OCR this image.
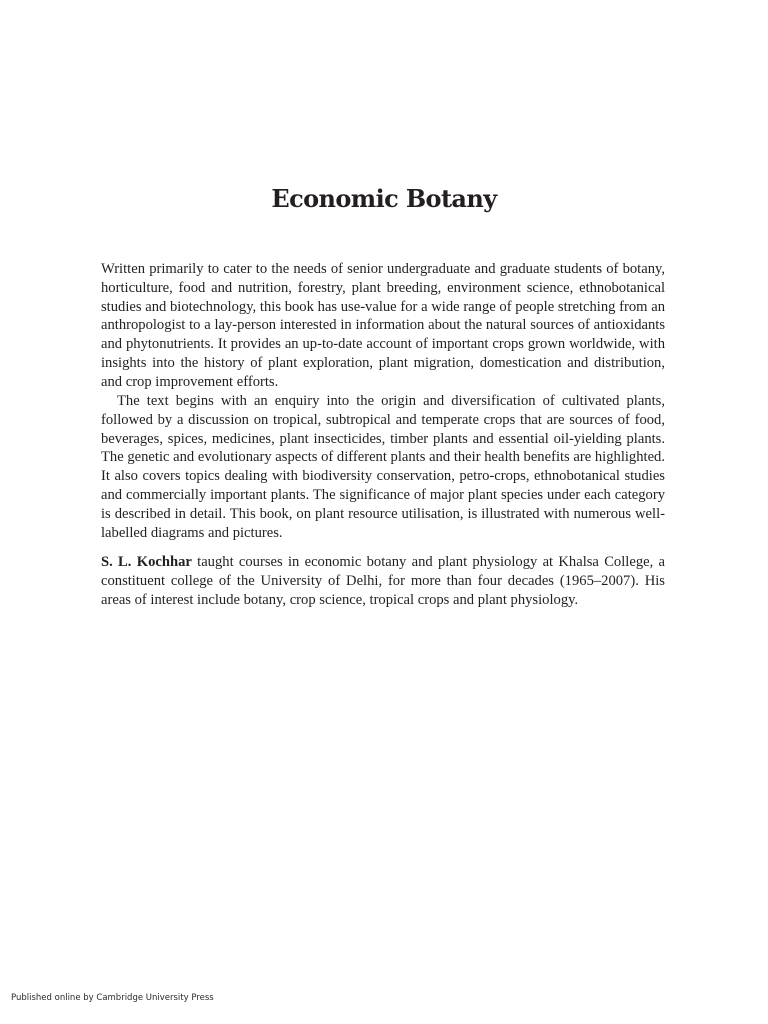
Economic Botany

Written primarily to cater to the needs of senior undergraduate and graduate students of botany, horticulture, food and nutrition, forestry, plant breeding, environment science, ethnobotanical studies and biotechnology, this book has use-value for a wide range of people stretching from an anthropologist to a lay-person interested in information about the natural sources of antioxidants and phytonutrients. It provides an up-to-date account of important crops grown worldwide, with insights into the history of plant exploration, plant migration, domestication and distribution, and crop improvement efforts.

The text begins with an enquiry into the origin and diversification of cultivated plants, followed by a discussion on tropical, subtropical and temperate crops that are sources of food, beverages, spices, medicines, plant insecticides, timber plants and essential oil-yielding plants. The genetic and evolutionary aspects of different plants and their health benefits are highlighted. It also covers topics dealing with biodiversity conservation, petro-crops, ethnobotanical studies and commercially important plants. The significance of major plant species under each category is described in detail. This book, on plant resource utilisation, is illustrated with numerous well-labelled diagrams and pictures.

S. L. Kochhar taught courses in economic botany and plant physiology at Khalsa College, a constituent college of the University of Delhi, for more than four decades (1965–2007). His areas of interest include botany, crop science, tropical crops and plant physiology.

Published online by Cambridge University Press
